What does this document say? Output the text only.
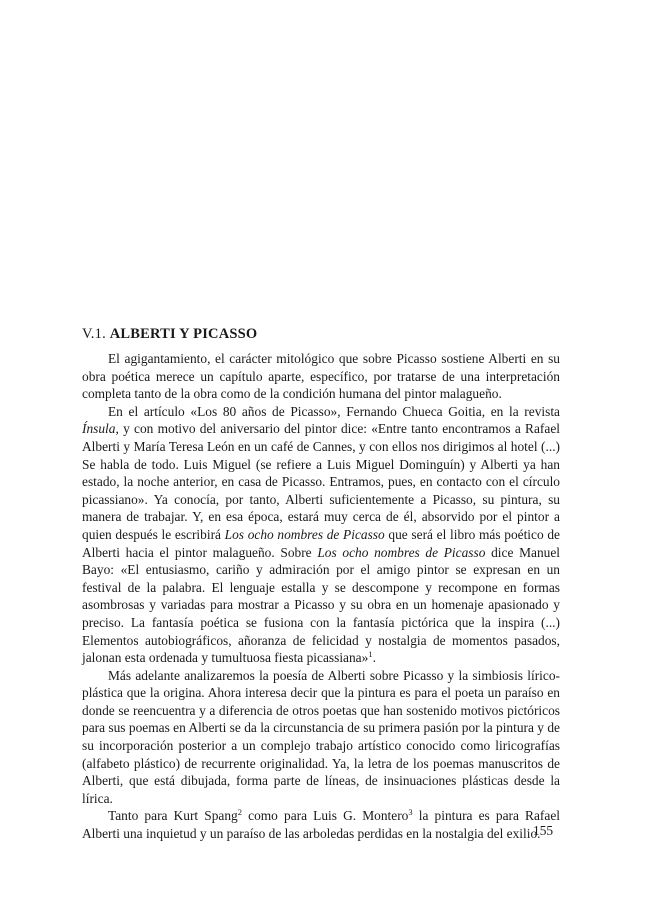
V.1. ALBERTI Y PICASSO

El agigantamiento, el carácter mitológico que sobre Picasso sostiene Alberti en su obra poética merece un capítulo aparte, específico, por tratarse de una interpretación completa tanto de la obra como de la condición humana del pintor malagueño.

En el artículo «Los 80 años de Picasso», Fernando Chueca Goitia, en la revista Ínsula, y con motivo del aniversario del pintor dice: «Entre tanto encontramos a Rafael Alberti y María Teresa León en un café de Cannes, y con ellos nos dirigimos al hotel (...) Se habla de todo. Luis Miguel (se refiere a Luis Miguel Dominguín) y Alberti ya han estado, la noche anterior, en casa de Picasso. Entramos, pues, en contacto con el círculo picassiano». Ya conocía, por tanto, Alberti suficientemente a Picasso, su pintura, su manera de trabajar. Y, en esa época, estará muy cerca de él, absorvido por el pintor a quien después le escribirá Los ocho nombres de Picasso que será el libro más poético de Alberti hacia el pintor malagueño. Sobre Los ocho nombres de Picasso dice Manuel Bayo: «El entusiasmo, cariño y admiración por el amigo pintor se expresan en un festival de la palabra. El lenguaje estalla y se descompone y recompone en formas asombrosas y variadas para mostrar a Picasso y su obra en un homenaje apasionado y preciso. La fantasía poética se fusiona con la fantasía pictórica que la inspira (...) Elementos autobiográficos, añoranza de felicidad y nostalgia de momentos pasados, jalonan esta ordenada y tumultuosa fiesta picassiana»$^1$.

Más adelante analizaremos la poesía de Alberti sobre Picasso y la simbiosis lírico-plástica que la origina. Ahora interesa decir que la pintura es para el poeta un paraíso en donde se reencuentra y a diferencia de otros poetas que han sostenido motivos pictóricos para sus poemas en Alberti se da la circunstancia de su primera pasión por la pintura y de su incorporación posterior a un complejo trabajo artístico conocido como liricografías (alfabeto plástico) de recurrente originalidad. Ya, la letra de los poemas manuscritos de Alberti, que está dibujada, forma parte de líneas, de insinuaciones plásticas desde la lírica.

Tanto para Kurt Spang$^2$ como para Luis G. Montero$^3$ la pintura es para Rafael Alberti una inquietud y un paraíso de las arboledas perdidas en la nostalgia del exilio.

155
